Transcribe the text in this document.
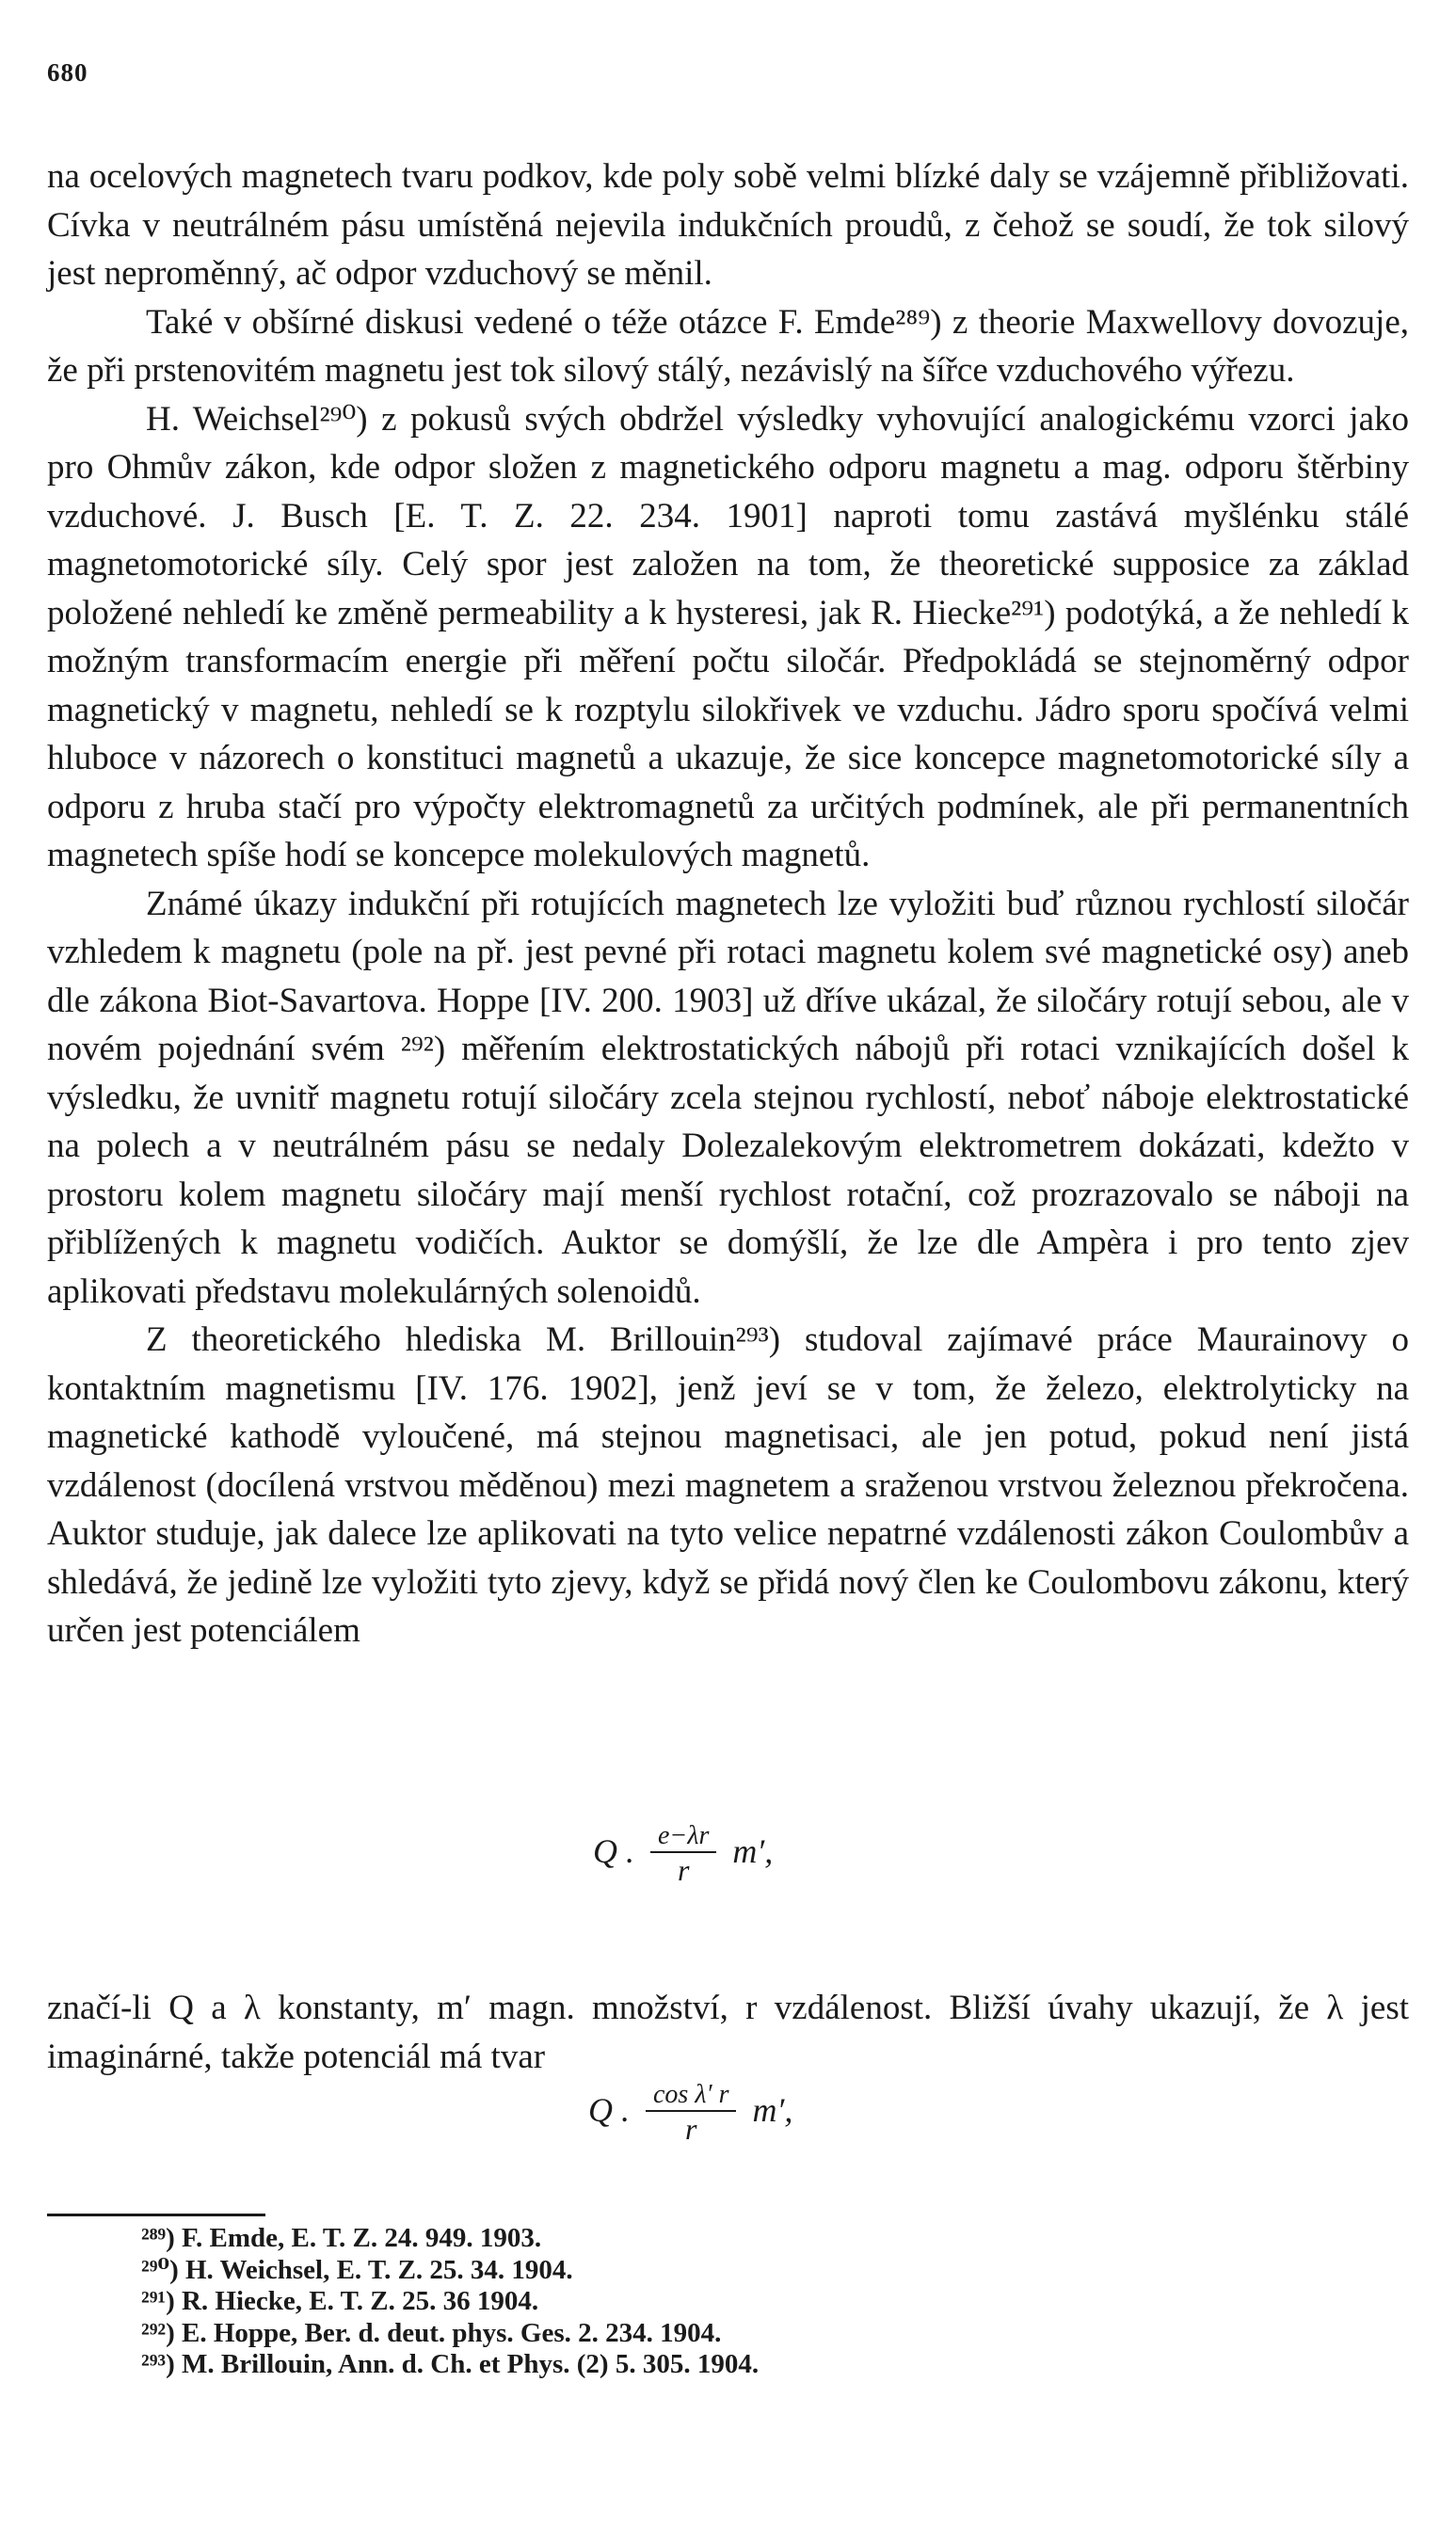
680

na ocelových magnetech tvaru podkov, kde poly sobě velmi blízké daly se vzájemně přibližovati. Cívka v neutrálném pásu umístěná nejevila indukčních proudů, z čehož se soudí, že tok silový jest neproměnný, ač odpor vzduchový se měnil.

Také v obšírné diskusi vedené o téže otázce F. Emde²⁸⁹) z theorie Maxwellovy dovozuje, že při prstenovitém magnetu jest tok silový stálý, nezávislý na šířce vzduchového výřezu.

H. Weichsel²⁹⁰) z pokusů svých obdržel výsledky vyhovující analogickému vzorci jako pro Ohmův zákon, kde odpor složen z magnetického odporu magnetu a mag. odporu štěrbiny vzduchové. J. Busch [E. T. Z. 22. 234. 1901] naproti tomu zastává myšlénku stálé magnetomotorické síly. Celý spor jest založen na tom, že theoretické supposice za základ položené nehledí ke změně permeability a k hysteresi, jak R. Hiecke²⁹¹) podotýká, a že nehledí k možným transformacím energie při měření počtu siločár. Předpokládá se stejnoměrný odpor magnetický v magnetu, nehledí se k rozptylu silokřivek ve vzduchu. Jádro sporu spočívá velmi hluboce v názorech o konstituci magnetů a ukazuje, že sice koncepce magnetomotorické síly a odporu z hruba stačí pro výpočty elektromagnetů za určitých podmínek, ale při permanentních magnetech spíše hodí se koncepce molekulových magnetů.

Známé úkazy indukční při rotujících magnetech lze vyložiti buď různou rychlostí siločár vzhledem k magnetu (pole na př. jest pevné při rotaci magnetu kolem své magnetické osy) aneb dle zákona Biot-Savartova. Hoppe [IV. 200. 1903] už dříve ukázal, že siločáry rotují sebou, ale v novém pojednání svém ²⁹²) měřením elektrostatických nábojů při rotaci vznikajících došel k výsledku, že uvnitř magnetu rotují siločáry zcela stejnou rychlostí, neboť náboje elektrostatické na polech a v neutrálném pásu se nedaly Dolezalekovým elektrometrem dokázati, kdežto v prostoru kolem magnetu siločáry mají menší rychlost rotační, což prozrazovalo se náboji na přiblížených k magnetu vodičích. Auktor se domýšlí, že lze dle Ampèra i pro tento zjev aplikovati představu molekulárných solenoidů.

Z theoretického hlediska M. Brillouin²⁹³) studoval zajímavé práce Maurainovy o kontaktním magnetismu [IV. 176. 1902], jenž jeví se v tom, že železo, elektrolyticky na magnetické kathodě vyloučené, má stejnou magnetisaci, ale jen potud, pokud není jistá vzdálenost (docílená vrstvou měděnou) mezi magnetem a sraženou vrstvou železnou překročena. Auktor studuje, jak dalece lze aplikovati na tyto velice nepatrné vzdálenosti zákon Coulombův a shledává, že jedině lze vyložiti tyto zjevy, když se přidá nový člen ke Coulombovu zákonu, který určen jest potenciálem

Q . $\frac{e-\lambda r}{r} m'$,
značí-li Q a λ konstanty, m′ magn. množství, r vzdálenost. Bližší úvahy ukazují, že λ jest imaginárné, takže potenciál má tvar
Q . $\frac{\text{cos λ′ r}}{r} m'$,
²⁸⁹) F. Emde, E. T. Z. 24. 949. 1903.
²⁹⁰) H. Weichsel, E. T. Z. 25. 34. 1904.
²⁹¹) R. Hiecke, E. T. Z. 25. 36 1904.
²⁹²) E. Hoppe, Ber. d. deut. phys. Ges. 2. 234. 1904.
²⁹³) M. Brillouin, Ann. d. Ch. et Phys. (2) 5. 305. 1904.
